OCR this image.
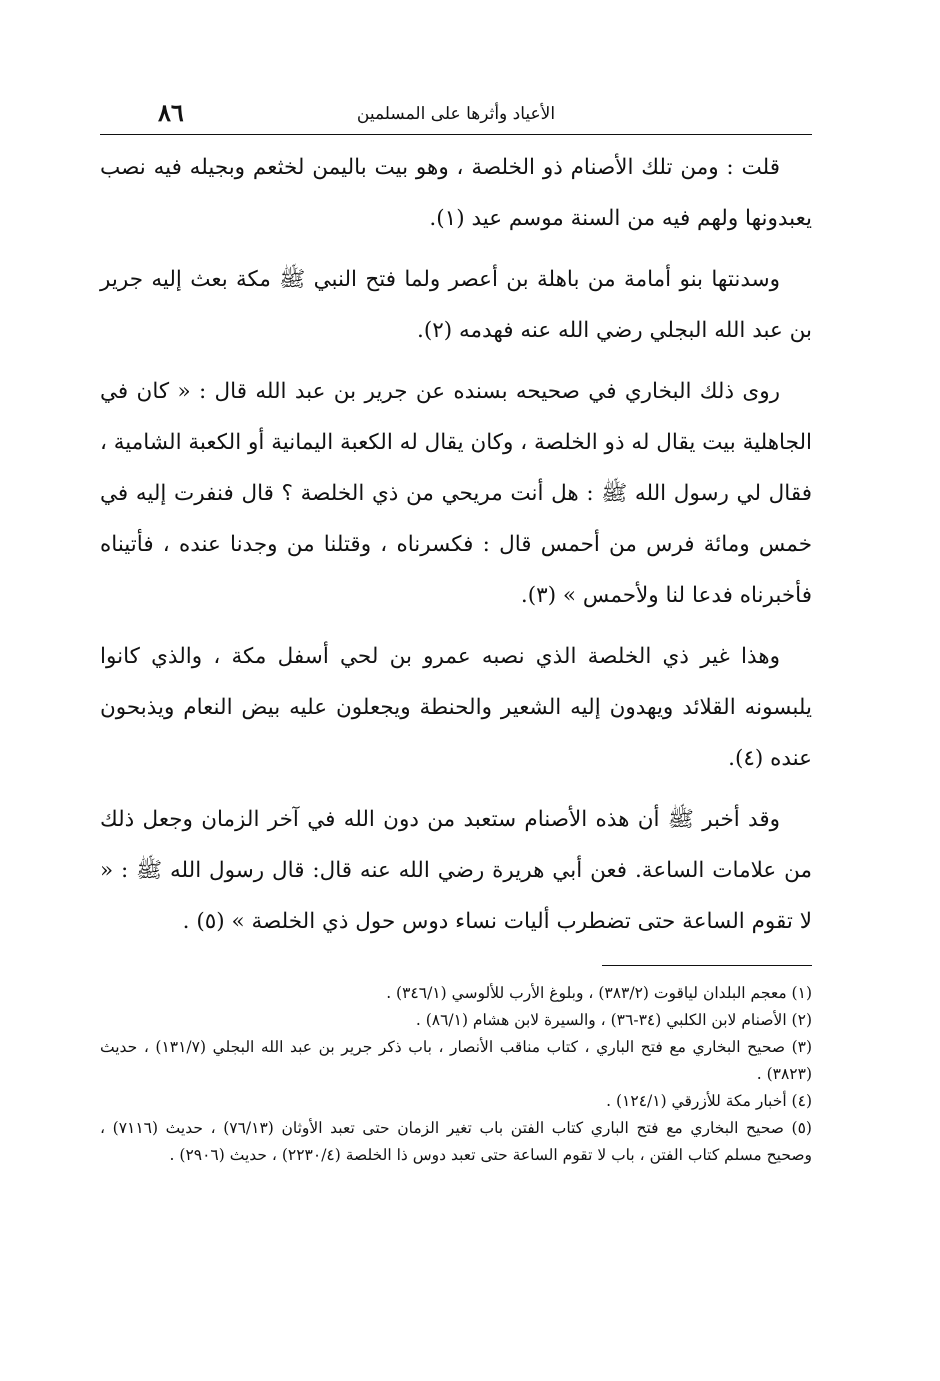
الأعياد وأثرها على المسلمين
٨٦

قلت : ومن تلك الأصنام ذو الخلصة ، وهو بيت باليمن لخثعم وبجيله فيه نصب يعبدونها ولهم فيه من السنة موسم عيد (١).

وسدنتها بنو أمامة من باهلة بن أعصر ولما فتح النبي ﷺ مكة بعث إليه جرير بن عبد الله البجلي رضي الله عنه فهدمه (٢).

روى ذلك البخاري في صحيحه بسنده عن جرير بن عبد الله قال : « كان في الجاهلية بيت يقال له ذو الخلصة ، وكان يقال له الكعبة اليمانية أو الكعبة الشامية ، فقال لي رسول الله ﷺ : هل أنت مريحي من ذي الخلصة ؟ قال فنفرت إليه في خمس ومائة فرس من أحمس قال : فكسرناه ، وقتلنا من وجدنا عنده ، فأتيناه فأخبرناه فدعا لنا ولأحمس » (٣).

وهذا غير ذي الخلصة الذي نصبه عمرو بن لحي أسفل مكة ، والذي كانوا يلبسونه القلائد ويهدون إليه الشعير والحنطة ويجعلون عليه بيض النعام ويذبحون عنده (٤).

وقد أخبر ﷺ أن هذه الأصنام ستعبد من دون الله في آخر الزمان وجعل ذلك من علامات الساعة. فعن أبي هريرة رضي الله عنه قال: قال رسول الله ﷺ : « لا تقوم الساعة حتى تضطرب أليات نساء دوس حول ذي الخلصة » (٥) .

(١) معجم البلدان لياقوت (٣٨٣/٢) ، وبلوغ الأرب للألوسي (٣٤٦/١) .

(٢) الأصنام لابن الكلبي (٣٤-٣٦) ، والسيرة لابن هشام (٨٦/١) .

(٣) صحيح البخاري مع فتح الباري ، كتاب مناقب الأنصار ، باب ذكر جرير بن عبد الله البجلي (١٣١/٧) ، حديث (٣٨٢٣) .

(٤) أخبار مكة للأزرقي (١٢٤/١) .

(٥) صحيح البخاري مع فتح الباري كتاب الفتن باب تغير الزمان حتى تعبد الأوثان (٧٦/١٣) ، حديث (٧١١٦) ، وصحيح مسلم كتاب الفتن ، باب لا تقوم الساعة حتى تعبد دوس ذا الخلصة (٢٢٣٠/٤) ، حديث (٢٩٠٦) .
